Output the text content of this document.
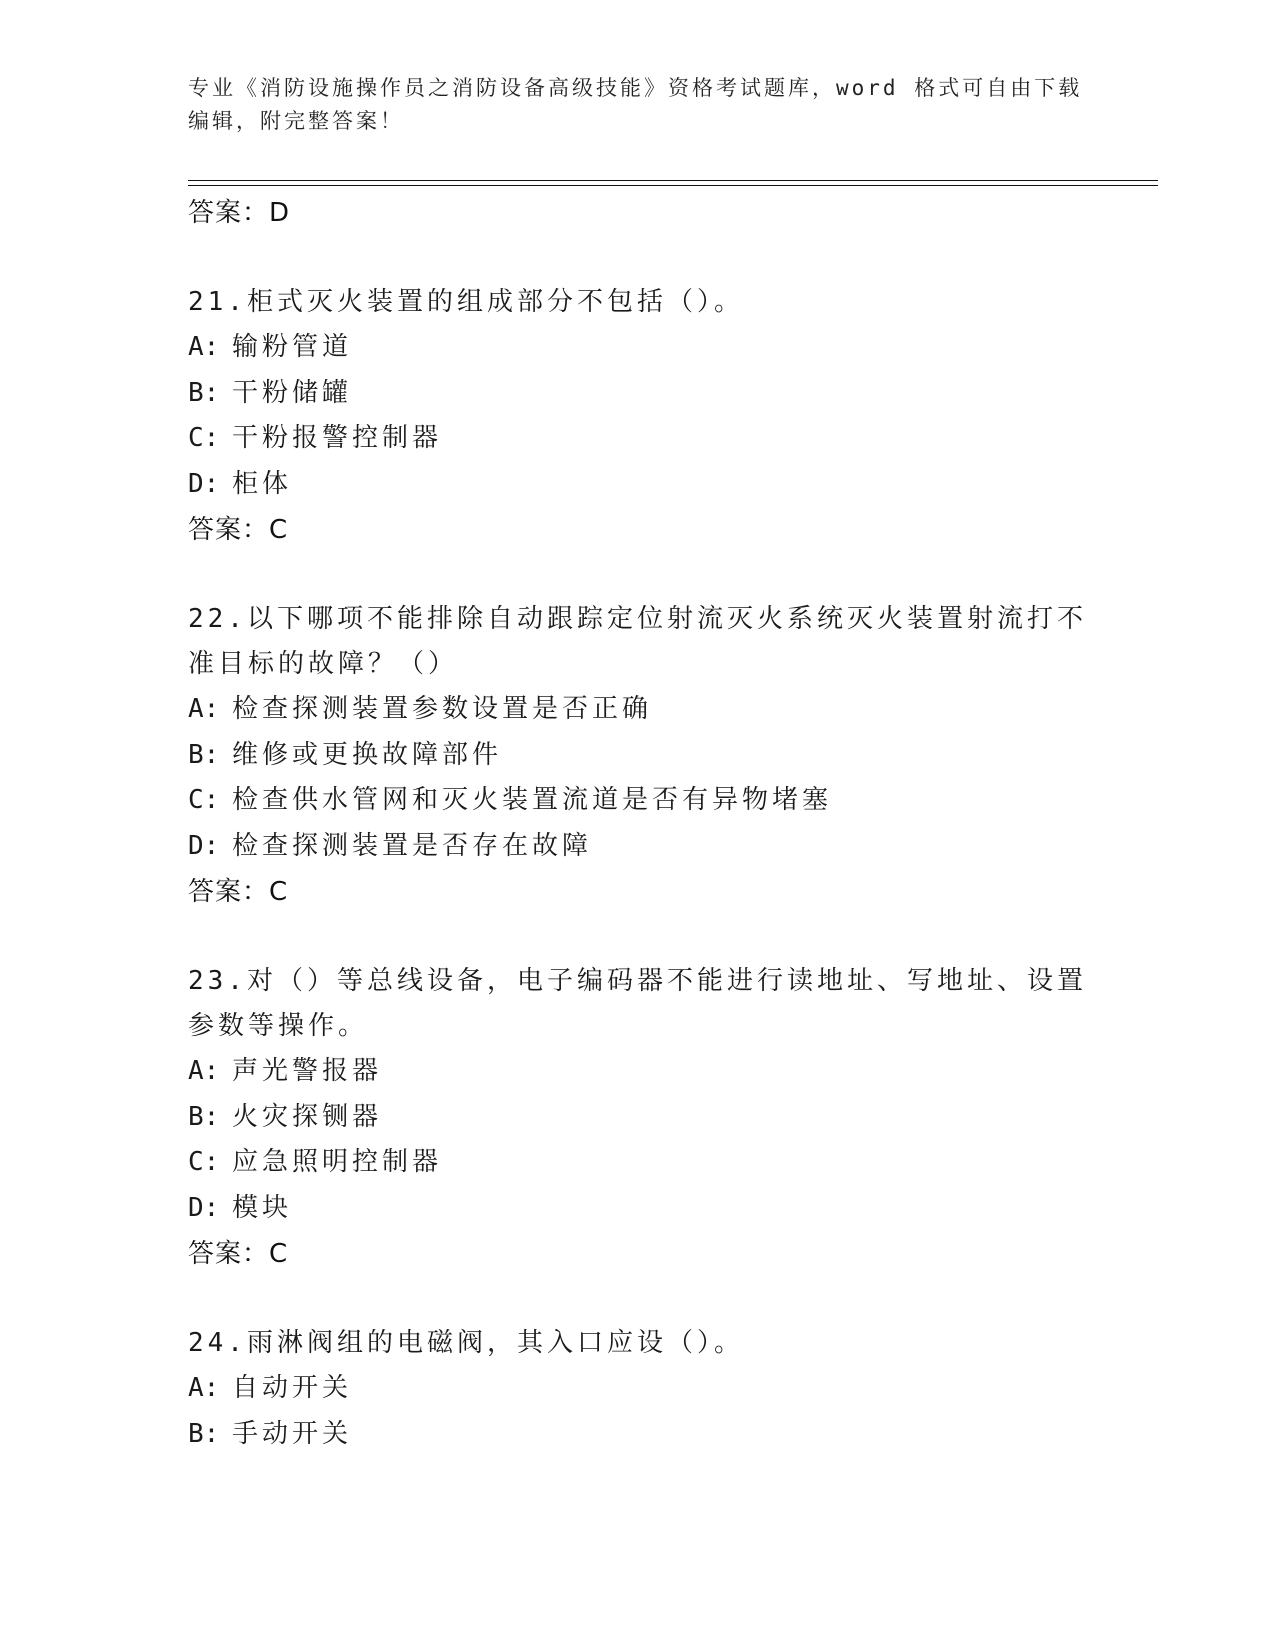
专业《消防设施操作员之消防设备高级技能》资格考试题库，word 格式可自由下载编辑，附完整答案！
答案：D
21.柜式灭火装置的组成部分不包括（）。
A: 输粉管道
B: 干粉储罐
C: 干粉报警控制器
D: 柜体
答案：C
22.以下哪项不能排除自动跟踪定位射流灭火系统灭火装置射流打不准目标的故障？（）
A: 检查探测装置参数设置是否正确
B: 维修或更换故障部件
C: 检查供水管网和灭火装置流道是否有异物堵塞
D: 检查探测装置是否存在故障
答案：C
23.对（）等总线设备，电子编码器不能进行读地址、写地址、设置参数等操作。
A: 声光警报器
B: 火灾探铡器
C: 应急照明控制器
D: 模块
答案：C
24.雨淋阀组的电磁阀，其入口应设（）。
A: 自动开关
B: 手动开关
